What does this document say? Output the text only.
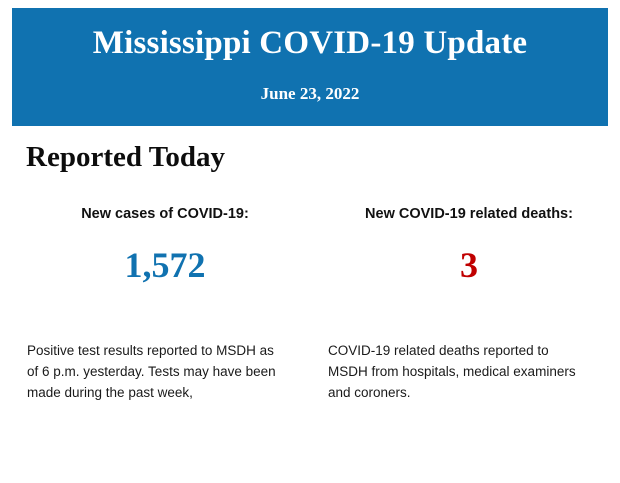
Mississippi COVID-19 Update
June 23, 2022
Reported Today
New cases of COVID-19:
1,572
New COVID-19 related deaths:
3
Positive test results reported to MSDH as of 6 p.m. yesterday. Tests may have been made during the past week,
COVID-19 related deaths reported to MSDH from hospitals, medical examiners and coroners.
